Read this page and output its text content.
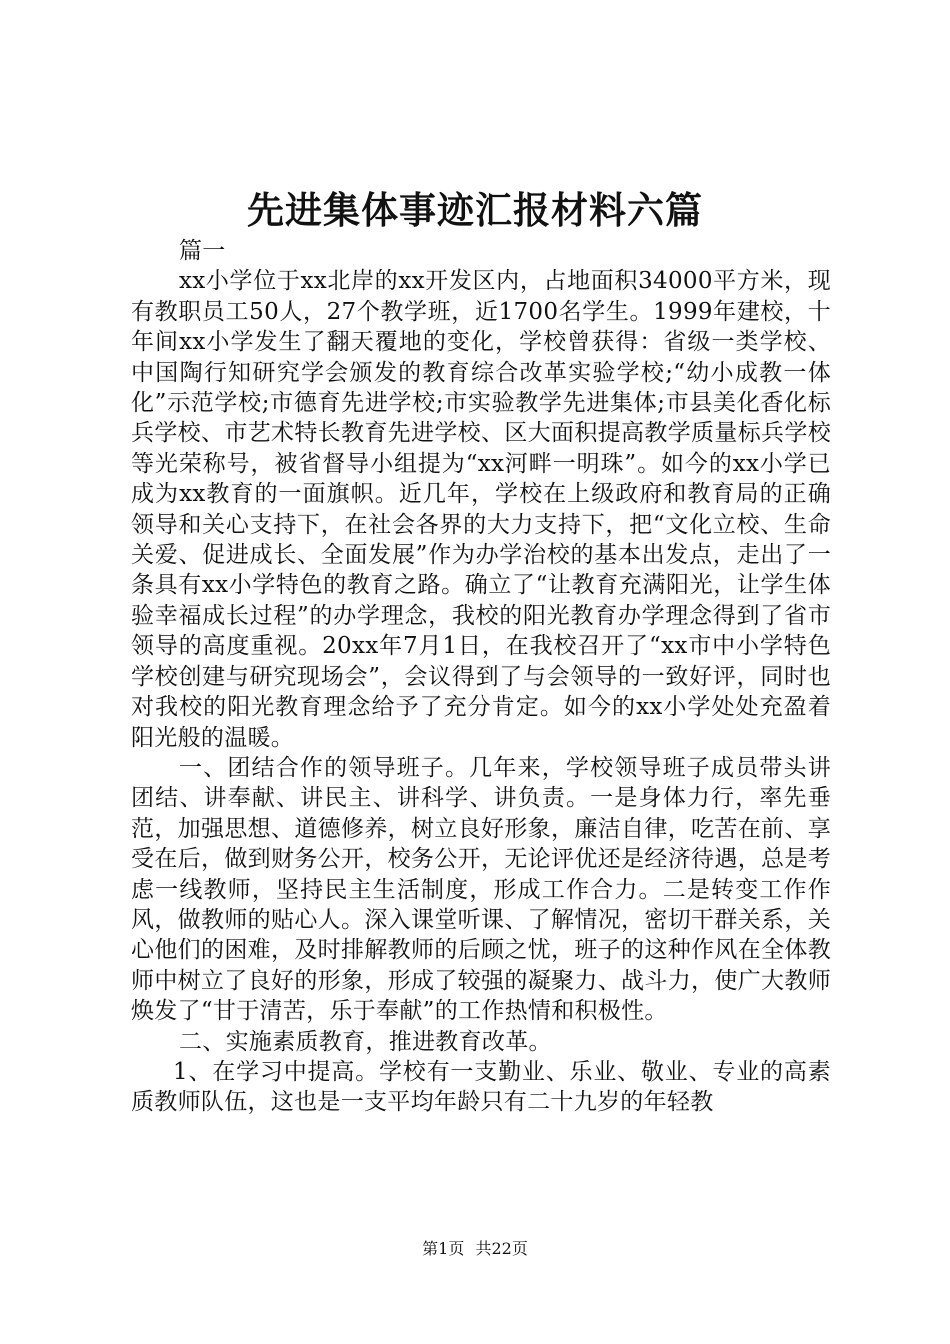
先进集体事迹汇报材料六篇

篇一

xx小学位于xx北岸的xx开发区内，占地面积34000平方米，现有教职员工50人，27个教学班，近1700名学生。1999年建校，十年间xx小学发生了翻天覆地的变化，学校曾获得：省级一类学校、中国陶行知研究学会颁发的教育综合改革实验学校;“幼小成教一体化”示范学校;市德育先进学校;市实验教学先进集体;市县美化香化标兵学校、市艺术特长教育先进学校、区大面积提高教学质量标兵学校等光荣称号，被省督导小组提为“xx河畔一明珠”。如今的xx小学已成为xx教育的一面旗帜。近几年，学校在上级政府和教育局的正确领导和关心支持下，在社会各界的大力支持下，把“文化立校、生命关爱、促进成长、全面发展”作为办学治校的基本出发点，走出了一条具有xx小学特色的教育之路。确立了“让教育充满阳光，让学生体验幸福成长过程”的办学理念，我校的阳光教育办学理念得到了省市领导的高度重视。20xx年7月1日，在我校召开了“xx市中小学特色学校创建与研究现场会”，会议得到了与会领导的一致好评，同时也对我校的阳光教育理念给予了充分肯定。如今的xx小学处处充盈着阳光般的温暖。

一、团结合作的领导班子。几年来，学校领导班子成员带头讲团结、讲奉献、讲民主、讲科学、讲负责。一是身体力行，率先垂范，加强思想、道德修养，树立良好形象，廉洁自律，吃苦在前、享受在后，做到财务公开，校务公开，无论评优还是经济待遇，总是考虑一线教师，坚持民主生活制度，形成工作合力。二是转变工作作风，做教师的贴心人。深入课堂听课、了解情况，密切干群关系，关心他们的困难，及时排解教师的后顾之忧，班子的这种作风在全体教师中树立了良好的形象，形成了较强的凝聚力、战斗力，使广大教师焕发了“甘于清苦，乐于奉献”的工作热情和积极性。

二、实施素质教育，推进教育改革。

1、在学习中提高。学校有一支勤业、乐业、敬业、专业的高素质教师队伍，这也是一支平均年龄只有二十九岁的年轻教

第1页 共22页
